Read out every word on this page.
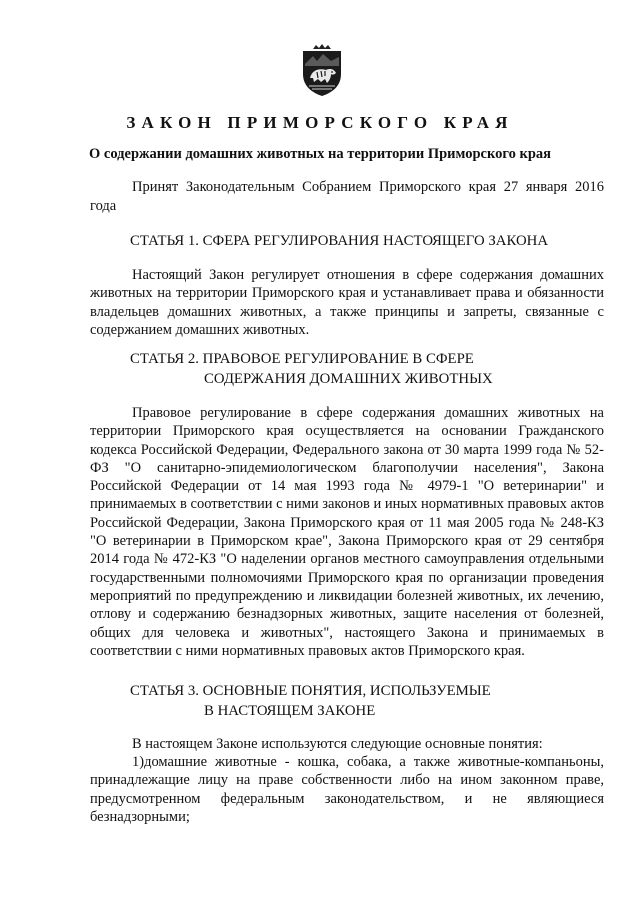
ЗАКОН ПРИМОРСКОГО КРАЯ
О содержании домашних животных на территории Приморского края

Принят Законодательным Собранием Приморского края 27 января 2016 года

СТАТЬЯ 1. СФЕРА РЕГУЛИРОВАНИЯ НАСТОЯЩЕГО ЗАКОНА

Настоящий Закон регулирует отношения в сфере содержания домашних животных на территории Приморского края и устанавливает права и обязанности владельцев домашних животных, а также принципы и запреты, связанные с содержанием домашних животных.

СТАТЬЯ 2. ПРАВОВОЕ РЕГУЛИРОВАНИЕ В СФЕРЕ
СОДЕРЖАНИЯ ДОМАШНИХ ЖИВОТНЫХ

Правовое регулирование в сфере содержания домашних животных на территории Приморского края осуществляется на основании Гражданского кодекса Российской Федерации, Федерального закона от 30 марта 1999 года № 52-ФЗ "О санитарно-эпидемиологическом благополучии населения", Закона Российской Федерации от 14 мая 1993 года № 4979-1 "О ветеринарии" и принимаемых в соответствии с ними законов и иных нормативных правовых актов Российской Федерации, Закона Приморского края от 11 мая 2005 года № 248-КЗ "О ветеринарии в Приморском крае", Закона Приморского края от 29 сентября 2014 года № 472-КЗ "О наделении органов местного самоуправления отдельными государственными полномочиями Приморского края по организации проведения мероприятий по предупреждению и ликвидации болезней животных, их лечению, отлову и содержанию безнадзорных животных, защите населения от болезней, общих для человека и животных", настоящего Закона и принимаемых в соответствии с ними нормативных правовых актов Приморского края.

СТАТЬЯ 3. ОСНОВНЫЕ ПОНЯТИЯ, ИСПОЛЬЗУЕМЫЕ
В НАСТОЯЩЕМ ЗАКОНЕ

В настоящем Законе используются следующие основные понятия:

1)домашние животные - кошка, собака, а также животные-компаньоны, принадлежащие лицу на праве собственности либо на ином законном праве, предусмотренном федеральным законодательством, и не являющиеся безнадзорными;
